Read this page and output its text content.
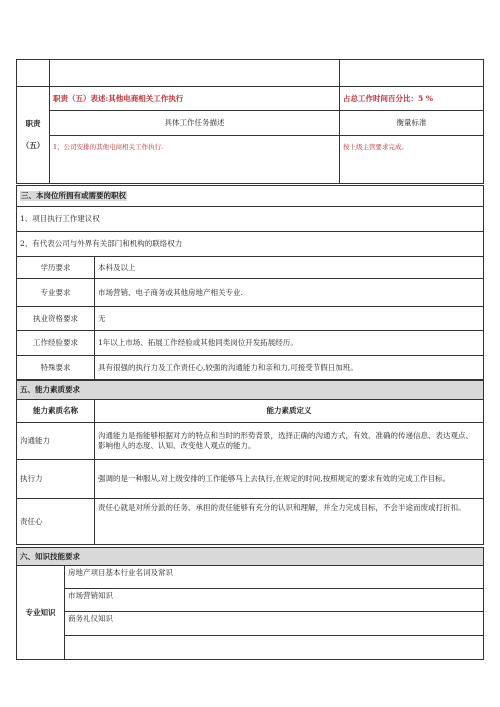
职责
（五）	职责（五）表述:其他电商相关工作执行	占总工作时间百分比：5 %
	具体工作任务描述	衡量标准
	1、公司安排的其他电商相关工作执行.	按上级主管要求完成。
三、本岗位所拥有或需要的职权	
1、项目执行工作建议权	
2、有代表公司与外界有关部门和机构的联络权力	
学历要求	本科及以上
专业要求	市场营销、电子商务或其他房地产相关专业.
执业资格要求	无
工作经验要求	1年以上市场、拓展工作经验或其他同类岗位开发拓展经历。
特殊要求	具有很强的执行力及工作责任心,较强的沟通能力和亲和力,可接受节假日加班。
五、能力素质要求	
能力素质名称	能力素质定义
沟通能力	沟通能力是指能够根据对方的特点和当时的形势背景，选择正确的沟通方式，有效、准确的传递信息、表达观点、影响他人的态度、认知、改变他人观点的能力。
执行力	强调的是一种服从,对上级安排的工作能够马上去执行,在规定的时间,按照规定的要求有效的完成工作目标。
责任心	责任心就是对所分派的任务、承担的责任能够有充分的认识和理解，并全力完成目标，不会半途而废或打折扣。
六、知识技能要求
专业知识	房地产项目基本行业名词及常识
市场营销知识
商务礼仪知识
